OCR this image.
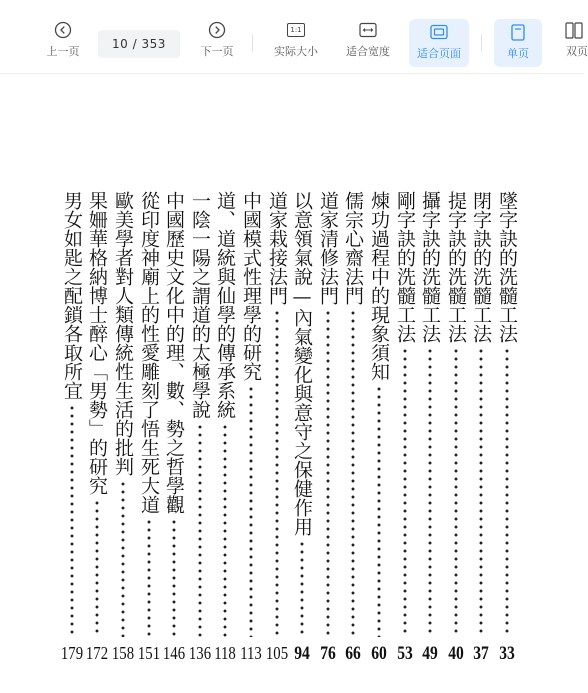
上一页
10
/
353
下一页
1:1
实际大小	适合宽度 适合页面	单页	双页
墜字訣的洗髓工法
33
閉字訣的洗髓工法
37
提字訣的洗髓工法
40
攝字訣的洗髓工法
49
剛字訣的洗髓工法
53
煉功過程中的現象須知
60
儒宗心齋法門
66
道家清修法門
76
以意領氣說—內氣變化與意守之保健作用
94
道家栽接法門
105
中國模式性理學的研究
113
道、道統與仙學的傳承系統
118
一陰一陽之謂道的太極學說
136
中國歷史文化中的理、數、勢之哲學觀
146
從印度神廟上的性愛雕刻了悟生死大道
151
歐美學者對人類傳統性生活的批判
158
果姍華格納博士醉心「男勢」的研究
172
男女如匙之配鎖各取所宜
179
